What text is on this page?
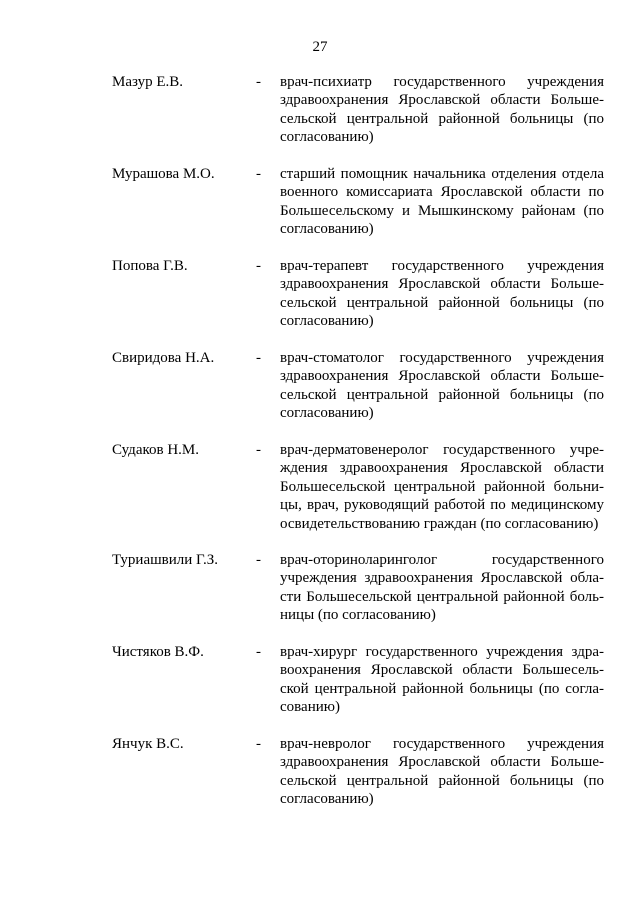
27
Мазур Е.В.	- врач-психиатр государственного учреждения
здравоохранения Ярославской области Больше-
сельской центральной районной больницы (по
согласованию)
Мурашова М.О.	- старший помощник начальника отделения отдела
военного комиссариата Ярославской области по
Большесельскому и Мышкинскому районам (по
согласованию)
Попова Г.В.	- врач-терапевт государственного учреждения
здравоохранения Ярославской области Больше-
сельской центральной районной больницы (по
согласованию)
Свиридова Н.А.	- врач-стоматолог государственного учреждения
здравоохранения Ярославской области Больше-
сельской центральной районной больницы (по
согласованию)
Судаков Н.М.	- врач-дерматовенеролог государственного учре-
ждения здравоохранения Ярославской области
Большесельской центральной районной больни-
цы, врач, руководящий работой по медицинскому
освидетельствованию граждан (по согласованию)
Туриашвили Г.З.	- врач-оториноларинголог государственного
учреждения здравоохранения Ярославской обла-
сти Большесельской центральной районной боль-
ницы (по согласованию)
Чистяков В.Ф.	- врач-хирург государственного учреждения здра-
воохранения Ярославской области Большесель-
ской центральной районной больницы (по согла-
сованию)
Янчук В.С.	- врач-невролог государственного учреждения
здравоохранения Ярославской области Больше-
сельской центральной районной больницы (по
согласованию)
